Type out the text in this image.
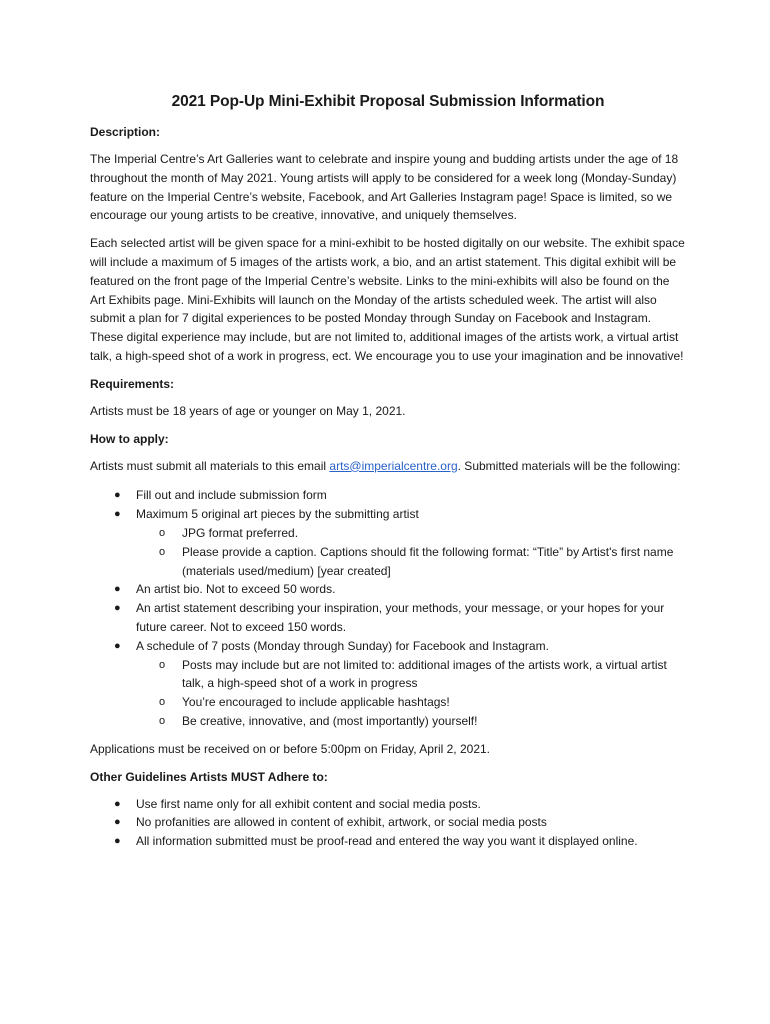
2021 Pop-Up Mini-Exhibit Proposal Submission Information
Description:

The Imperial Centre’s Art Galleries want to celebrate and inspire young and budding artists under the age of 18 throughout the month of May 2021. Young artists will apply to be considered for a week long (Monday-Sunday) feature on the Imperial Centre’s website, Facebook, and Art Galleries Instagram page! Space is limited, so we encourage our young artists to be creative, innovative, and uniquely themselves.

Each selected artist will be given space for a mini-exhibit to be hosted digitally on our website. The exhibit space will include a maximum of 5 images of the artists work, a bio, and an artist statement. This digital exhibit will be featured on the front page of the Imperial Centre’s website. Links to the mini-exhibits will also be found on the Art Exhibits page. Mini-Exhibits will launch on the Monday of the artists scheduled week. The artist will also submit a plan for 7 digital experiences to be posted Monday through Sunday on Facebook and Instagram. These digital experience may include, but are not limited to, additional images of the artists work, a virtual artist talk, a high-speed shot of a work in progress, ect. We encourage you to use your imagination and be innovative!

Requirements:

Artists must be 18 years of age or younger on May 1, 2021.

How to apply:

Artists must submit all materials to this email arts@imperialcentre.org. Submitted materials will be the following:

● Fill out and include submission form
● Maximum 5 original art pieces by the submitting artist
o JPG format preferred.
o Please provide a caption. Captions should fit the following format: “Title” by Artist's first name (materials used/medium) [year created]
● An artist bio. Not to exceed 50 words.
● An artist statement describing your inspiration, your methods, your message, or your hopes for your future career. Not to exceed 150 words.
● A schedule of 7 posts (Monday through Sunday) for Facebook and Instagram.
o Posts may include but are not limited to: additional images of the artists work, a virtual artist talk, a high-speed shot of a work in progress
o You’re encouraged to include applicable hashtags!
o Be creative, innovative, and (most importantly) yourself!

Applications must be received on or before 5:00pm on Friday, April 2, 2021.

Other Guidelines Artists MUST Adhere to:
● Use first name only for all exhibit content and social media posts.
● No profanities are allowed in content of exhibit, artwork, or social media posts
● All information submitted must be proof-read and entered the way you want it displayed online.
